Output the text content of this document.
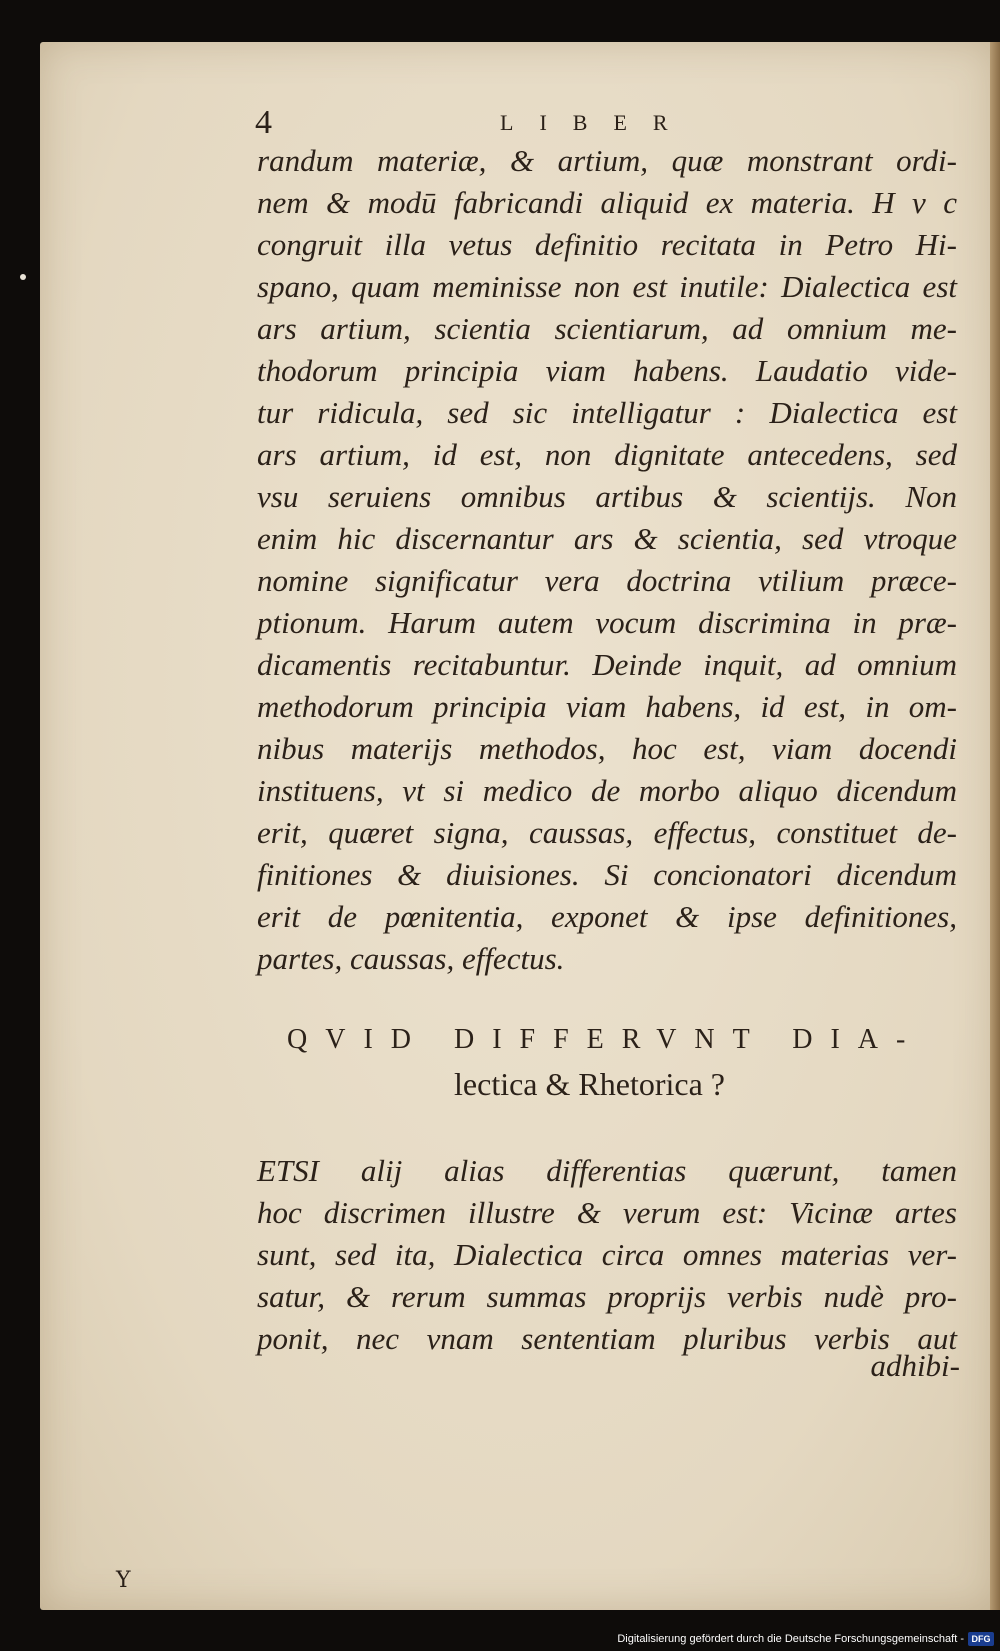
4	LIBER
randum materiæ, & artium, quæ monstrant ordi-
nem & modū fabricandi aliquid ex materia. H v c
congruit illa vetus definitio recitata in Petro Hi-
spano, quam meminisse non est inutile: Dialectica est
ars artium, scientia scientiarum, ad omnium me-
thodorum principia viam habens. Laudatio vide-
tur ridicula, sed sic intelligatur : Dialectica est
ars artium, id est, non dignitate antecedens, sed
vsu seruiens omnibus artibus & scientijs. Non
enim hic discernantur ars & scientia, sed vtroque
nomine significatur vera doctrina vtilium præce-
ptionum. Harum autem vocum discrimina in præ-
dicamentis recitabuntur. Deinde inquit, ad omnium
methodorum principia viam habens, id est, in om-
nibus materijs methodos, hoc est, viam docendi
instituens, vt si medico de morbo aliquo dicendum
erit, quæret signa, caussas, effectus, constituet de-
finitiones & diuisiones. Si concionatori dicendum
erit de pœnitentia, exponet & ipse definitiones,
partes, caussas, effectus.
QVID DIFFERVNT DIA-
lectica & Rhetorica ?
ETSI alij alias differentias quærunt, tamen
hoc discrimen illustre & verum est: Vicinæ artes
sunt, sed ita, Dialectica circa omnes materias ver-
satur, & rerum summas proprijs verbis nudè pro-
ponit, nec vnam sententiam pluribus verbis aut
adhibi-
Y
Digitalisierung gefördert durch die Deutsche Forschungsgemeinschaft - DFG
